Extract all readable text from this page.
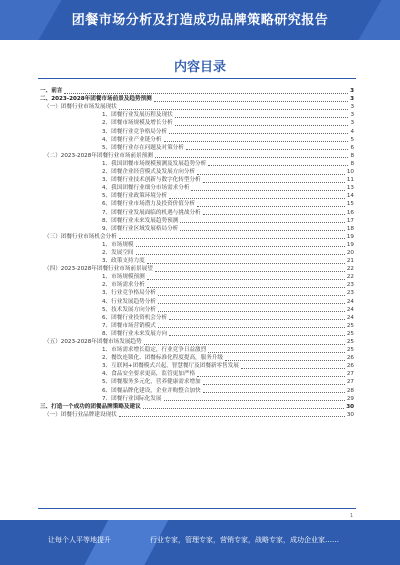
团餐市场分析及打造成功品牌策略研究报告
内容目录
一、前言	3
二、2023-2028年团餐市场前景及趋势预测	3
（一）团餐行业市场发展现状	3
1、团餐行业发展历程及现状	3
2、团餐市场规模及增长分析	3
3、团餐行业竞争格局分析	4
4、团餐行业产业链分析	5
5、团餐行业存在问题及对策分析	6
（二）2023-2028年团餐行业市场前景预测	8
1、我国团餐市场规模预测及发展趋势分析	8
2、团餐企业经营模式及发展方向分析	10
3、团餐行业技术创新与数字化转型分析	11
4、我国团餐行业细分市场需求分析	13
5、团餐行业政策环境分析	14
6、团餐行业市场潜力及投资价值分析	15
7、团餐行业发展面临的机遇与挑战分析	16
8、团餐行业未来发展趋势预测	17
9、团餐行业区域发展格局分析	18
（三）团餐行业市场机会分析	19
1、市场规模	19
2、发展空间	20
3、政策支持力度	21
（四）2023-2028年团餐行业市场前景展望	22
1、市场规模预测	22
2、市场需求分析	23
3、行业竞争格局分析	23
4、行业发展趋势分析	24
5、技术发展方向分析	24
6、团餐行业投资机会分析	24
7、团餐市场营销模式	25
8、团餐行业未来发展方向	25
（五）2023-2028年团餐市场发展趋势	25
1、市场需求增长稳定，行业竞争日益激烈	25
2、餐饮连锁化、团餐标准化程度提高，服务升级	26
3、互联网+团餐模式兴起，智慧餐厅及团餐新零售发展	26
4、食品安全要求更高，监管更加严格	27
5、团餐服务多元化，营养健康需求增加	27
6、团餐品牌化建设，企业并购整合加快	28
7、团餐行业国际化发展	29
三、打造一个成功的团餐品牌策略及建议	30
（一）团餐行业品牌建设现状	30
1
让每个人平等地提升	行业专家，管理专家，营销专家，战略专家，成功企业家……
